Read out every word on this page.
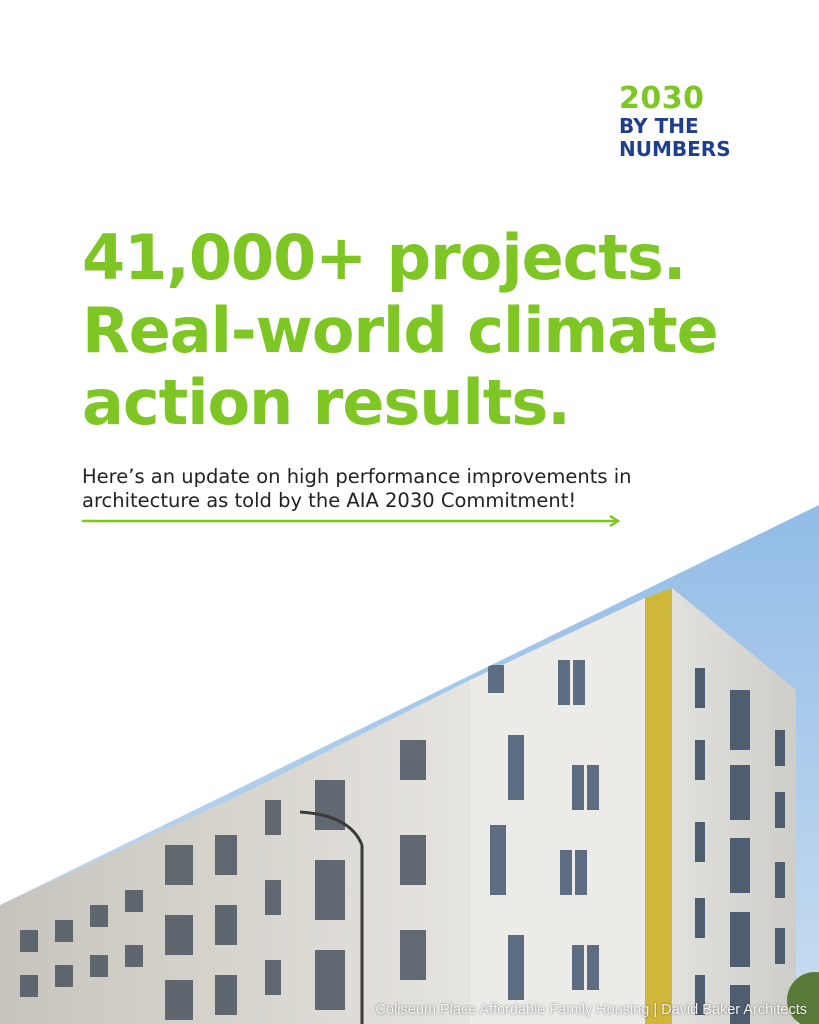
2030
BY THE
NUMBERS
41,000+ projects.
Real-world climate
action results.

Here’s an update on high performance improvements in
architecture as told by the AIA 2030 Commitment!

Coliseum Place Affordable Family Housing | David Baker Architects
